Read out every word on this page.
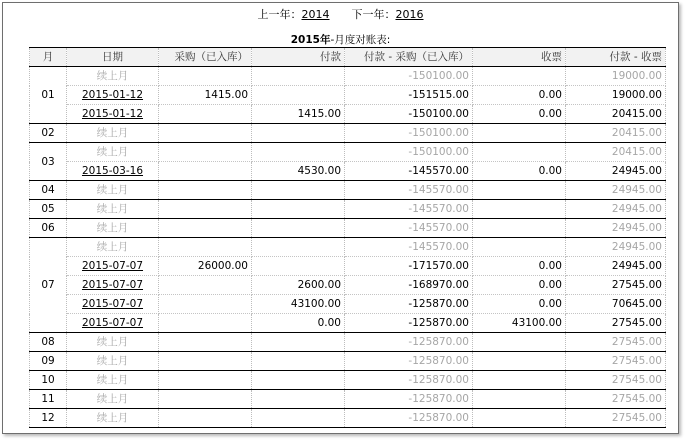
上一年：2014 下一年：2016
2015年-月度对账表:
月	日期	采购（已入库）	付款	付款 - 采购（已入库）	收票	付款 - 收票
01	续上月			-150100.00		19000.00
	2015-01-12	1415.00		-151515.00	0.00	19000.00
	2015-01-12		1415.00	-150100.00	0.00	20415.00
02	续上月			-150100.00		20415.00
03	续上月			-150100.00		20415.00
	2015-03-16		4530.00	-145570.00	0.00	24945.00
04	续上月			-145570.00		24945.00
05	续上月			-145570.00		24945.00
06	续上月			-145570.00		24945.00
07	续上月			-145570.00		24945.00
	2015-07-07	26000.00		-171570.00	0.00	24945.00
	2015-07-07		2600.00	-168970.00	0.00	27545.00
	2015-07-07		43100.00	-125870.00	0.00	70645.00
	2015-07-07		0.00	-125870.00	43100.00	27545.00
08	续上月			-125870.00		27545.00
09	续上月			-125870.00		27545.00
10	续上月			-125870.00		27545.00
11	续上月			-125870.00		27545.00
12	续上月			-125870.00		27545.00
